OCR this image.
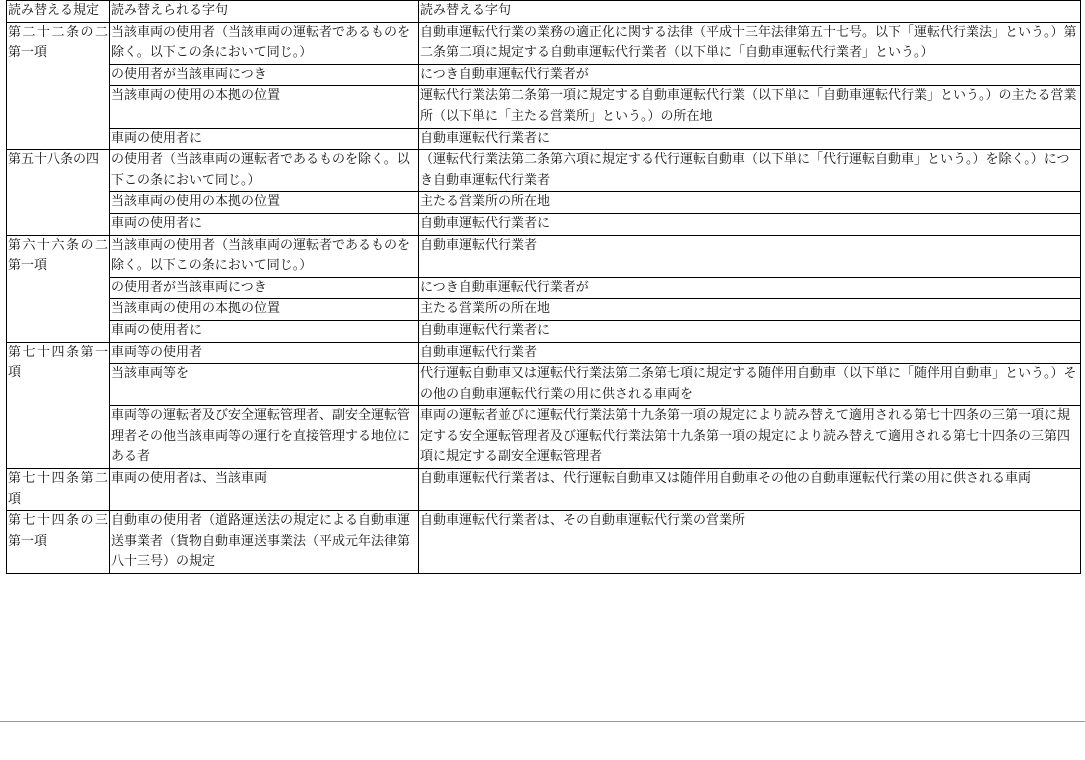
読み替える規定	読み替えられる字句	読み替える字句
第二十二条の二第一項	当該車両の使用者（当該車両の運転者であるものを除く。以下この条において同じ。）	自動車運転代行業の業務の適正化に関する法律（平成十三年法律第五十七号。以下「運転代行業法」という。）第二条第二項に規定する自動車運転代行業者（以下単に「自動車運転代行業者」という。）
	の使用者が当該車両につき	につき自動車運転代行業者が
	当該車両の使用の本拠の位置	運転代行業法第二条第一項に規定する自動車運転代行業（以下単に「自動車運転代行業」という。）の主たる営業所（以下単に「主たる営業所」という。）の所在地
	車両の使用者に	自動車運転代行業者に
第五十八条の四	の使用者（当該車両の運転者であるものを除く。以下この条において同じ。）	（運転代行業法第二条第六項に規定する代行運転自動車（以下単に「代行運転自動車」という。）を除く。）につき自動車運転代行業者
	当該車両の使用の本拠の位置	主たる営業所の所在地
	車両の使用者に	自動車運転代行業者に
第六十六条の二第一項	当該車両の使用者（当該車両の運転者であるものを除く。以下この条において同じ。）	自動車運転代行業者
	の使用者が当該車両につき	につき自動車運転代行業者が
	当該車両の使用の本拠の位置	主たる営業所の所在地
	車両の使用者に	自動車運転代行業者に
第七十四条第一項	車両等の使用者	自動車運転代行業者
	当該車両等を	代行運転自動車又は運転代行業法第二条第七項に規定する随伴用自動車（以下単に「随伴用自動車」という。）その他の自動車運転代行業の用に供される車両を
	車両等の運転者及び安全運転管理者、副安全運転管理者その他当該車両等の運行を直接管理する地位にある者	車両の運転者並びに運転代行業法第十九条第一項の規定により読み替えて適用される第七十四条の三第一項に規定する安全運転管理者及び運転代行業法第十九条第一項の規定により読み替えて適用される第七十四条の三第四項に規定する副安全運転管理者
第七十四条第二項	車両の使用者は、当該車両	自動車運転代行業者は、代行運転自動車又は随伴用自動車その他の自動車運転代行業の用に供される車両
第七十四条の三第一項	自動車の使用者（道路運送法の規定による自動車運送事業者（貨物自動車運送事業法（平成元年法律第八十三号）の規定	自動車運転代行業者は、その自動車運転代行業の営業所
